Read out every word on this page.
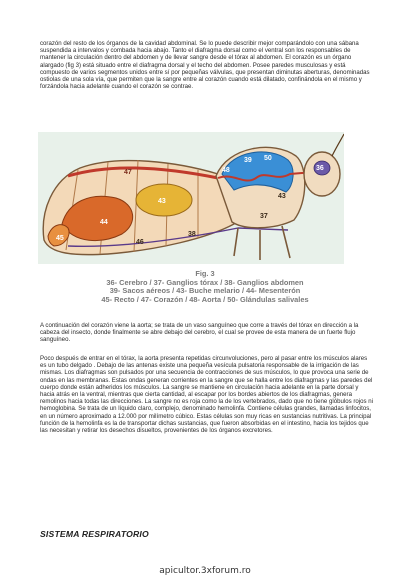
corazón del resto de los órganos de la cavidad abdominal. Se lo puede describir mejor comparándolo con una sábana suspendida a intervalos y combada hacia abajo. Tanto el diafragma dorsal como el ventral son los responsables de mantener la circulación dentro del abdomen y de llevar sangre desde el tórax al abdomen. El corazón es un órgano alargado (fig 3) está situado entre el diafragma dorsal y el techo del abdomen. Posee paredes musculosas y está compuesto de varios segmentos unidos entre sí por pequeñas válvulas, que presentan diminutas aberturas, denominadas ostiolas de una sola vía, que permiten que la sangre entre al corazón cuando está dilatado, confinándola en el mismo y forzándola hacia adelante cuando el corazón se contrae.

45
44
43
47
46
39
48
50
36
37
38
43
Fig. 3
36- Cerebro / 37- Ganglios tórax / 38- Ganglios abdomen
39- Sacos aéreos / 43- Buche melario / 44- Mesenterón
45- Recto / 47- Corazón / 48- Aorta / 50- Glándulas salivales

A continuación del corazón viene la aorta; se trata de un vaso sanguíneo que corre a través del tórax en dirección a la cabeza del insecto, donde finalmente se abre debajo del cerebro, el cual se provee de esta manera de un fuerte flujo sanguíneo.

Poco después de entrar en el tórax, la aorta presenta repetidas circunvoluciones, pero al pasar entre los músculos alares es un tubo delgado . Debajo de las antenas existe una pequeña vesícula pulsatoria responsable de la irrigación de las mismas. Los diafragmas son pulsados por una secuencia de contracciones de sus músculos, lo que provoca una serie de ondas en las membranas. Estas ondas generan corrientes en la sangre que se halla entre los diafragmas y las paredes del cuerpo donde están adheridos los músculos. La sangre se mantiene en circulación hacia adelante en la parte dorsal y hacia atrás en la ventral, mientras que cierta cantidad, al escapar por los bordes abiertos de los diafragmas, genera remolinos hacia todas las direcciones. La sangre no es roja como la de los vertebrados, dado que no tiene glóbulos rojos ni hemoglobina. Se trata de un líquido claro, complejo, denominado hemolinfa. Contiene células grandes, llamadas linfocitos, en un número aproximado a 12.000 por milímetro cúbico. Estas células son muy ricas en sustancias nutritivas. La principal función de la hemolinfa es la de transportar dichas sustancias, que fueron absorbidas en el intestino, hacia los tejidos que las necesitan y retirar los desechos disueltos, provenientes de los órganos excretores.

SISTEMA RESPIRATORIO
apicultor.3xforum.ro
